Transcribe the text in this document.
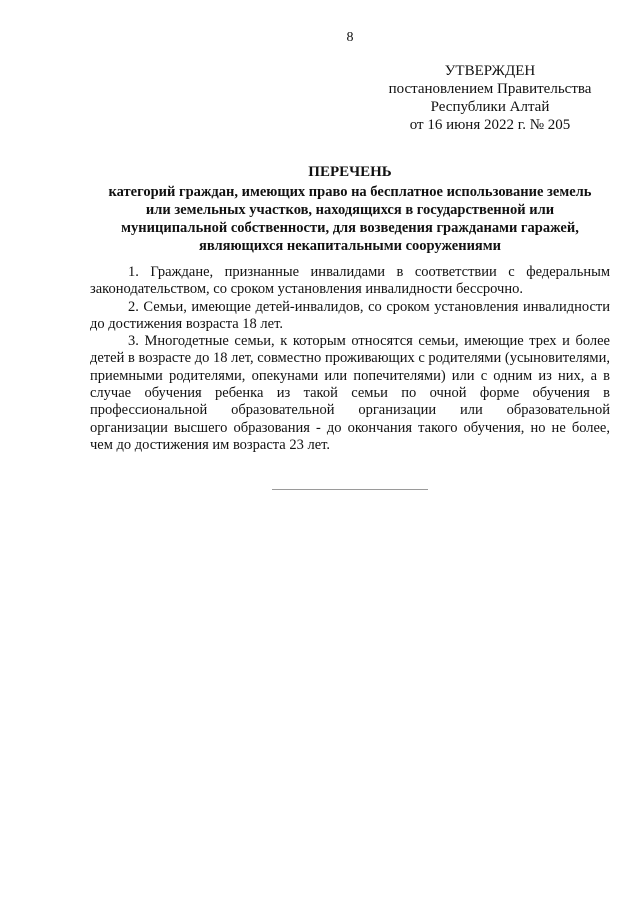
8
УТВЕРЖДЕН
постановлением Правительства
Республики Алтай
от 16 июня 2022 г. № 205
ПЕРЕЧЕНЬ
категорий граждан, имеющих право на бесплатное использование земель
или земельных участков, находящихся в государственной или
муниципальной собственности, для возведения гражданами гаражей,
являющихся некапитальными сооружениями

1. Граждане, признанные инвалидами в соответствии с федеральным законодательством, со сроком установления инвалидности бессрочно.

2. Семьи, имеющие детей-инвалидов, со сроком установления инвалидности до достижения возраста 18 лет.

3. Многодетные семьи, к которым относятся семьи, имеющие трех и более детей в возрасте до 18 лет, совместно проживающих с родителями (усыновителями, приемными родителями, опекунами или попечителями) или с одним из них, а в случае обучения ребенка из такой семьи по очной форме обучения в профессиональной образовательной организации или образовательной организации высшего образования - до окончания такого обучения, но не более, чем до достижения им возраста 23 лет.
